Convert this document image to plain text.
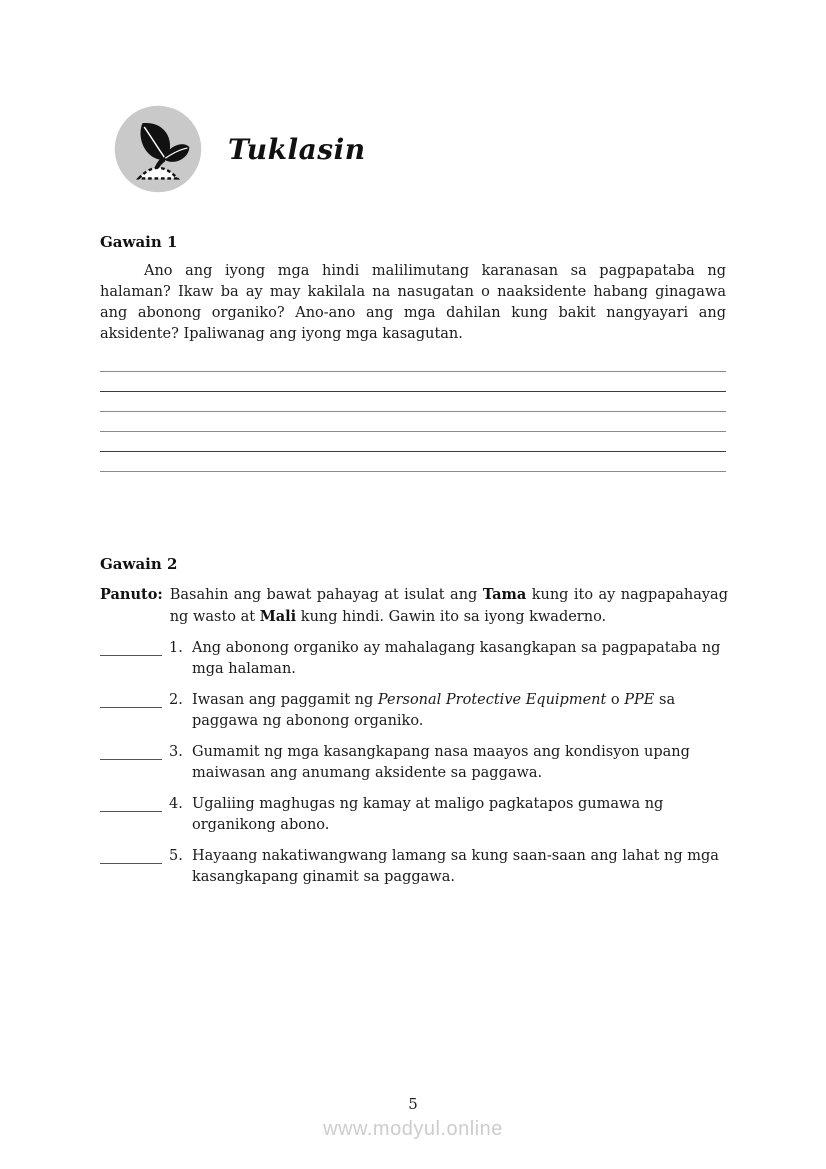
Tuklasin
Gawain 1

Ano ang iyong mga hindi malilimutang karanasan sa pagpapataba ng halaman? Ikaw ba ay may kakilala na nasugatan o naaksidente habang ginagawa ang abonong organiko? Ano-ano ang mga dahilan kung bakit nangyayari ang aksidente? Ipaliwanag ang iyong mga kasagutan.

Gawain 2
Panuto: Basahin ang bawat pahayag at isulat ang Tama kung ito ay nagpapahayag ng wasto at Mali kung hindi. Gawin ito sa iyong kwaderno.
1. Ang abonong organiko ay mahalagang kasangkapan sa pagpapataba ng mga halaman.
2. Iwasan ang paggamit ng Personal Protective Equipment o PPE sa paggawa ng abonong organiko.
3. Gumamit ng mga kasangkapang nasa maayos ang kondisyon upang maiwasan ang anumang aksidente sa paggawa.
4. Ugaliing maghugas ng kamay at maligo pagkatapos gumawa ng organikong abono.
5. Hayaang nakatiwangwang lamang sa kung saan-saan ang lahat ng mga kasangkapang ginamit sa paggawa.
5
www.modyul.online
